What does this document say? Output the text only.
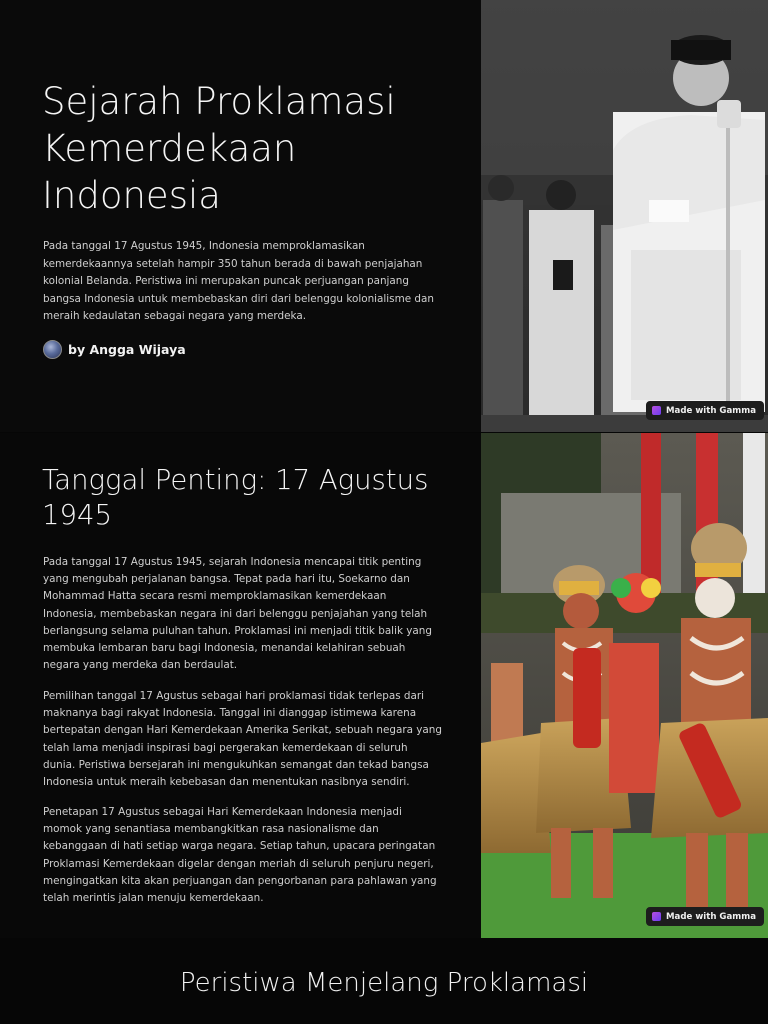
Sejarah Proklamasi Kemerdekaan Indonesia

Pada tanggal 17 Agustus 1945, Indonesia memproklamasikan kemerdekaannya setelah hampir 350 tahun berada di bawah penjajahan kolonial Belanda. Peristiwa ini merupakan puncak perjuangan panjang bangsa Indonesia untuk membebaskan diri dari belenggu kolonialisme dan meraih kedaulatan sebagai negara yang merdeka.

by Angga Wijaya
Made with Gamma
Tanggal Penting: 17 Agustus 1945

Pada tanggal 17 Agustus 1945, sejarah Indonesia mencapai titik penting yang mengubah perjalanan bangsa. Tepat pada hari itu, Soekarno dan Mohammad Hatta secara resmi memproklamasikan kemerdekaan Indonesia, membebaskan negara ini dari belenggu penjajahan yang telah berlangsung selama puluhan tahun. Proklamasi ini menjadi titik balik yang membuka lembaran baru bagi Indonesia, menandai kelahiran sebuah negara yang merdeka dan berdaulat.

Pemilihan tanggal 17 Agustus sebagai hari proklamasi tidak terlepas dari maknanya bagi rakyat Indonesia. Tanggal ini dianggap istimewa karena bertepatan dengan Hari Kemerdekaan Amerika Serikat, sebuah negara yang telah lama menjadi inspirasi bagi pergerakan kemerdekaan di seluruh dunia. Peristiwa bersejarah ini mengukuhkan semangat dan tekad bangsa Indonesia untuk meraih kebebasan dan menentukan nasibnya sendiri.

Penetapan 17 Agustus sebagai Hari Kemerdekaan Indonesia menjadi momok yang senantiasa membangkitkan rasa nasionalisme dan kebanggaan di hati setiap warga negara. Setiap tahun, upacara peringatan Proklamasi Kemerdekaan digelar dengan meriah di seluruh penjuru negeri, mengingatkan kita akan perjuangan dan pengorbanan para pahlawan yang telah merintis jalan menuju kemerdekaan.

Made with Gamma
Peristiwa Menjelang Proklamasi
